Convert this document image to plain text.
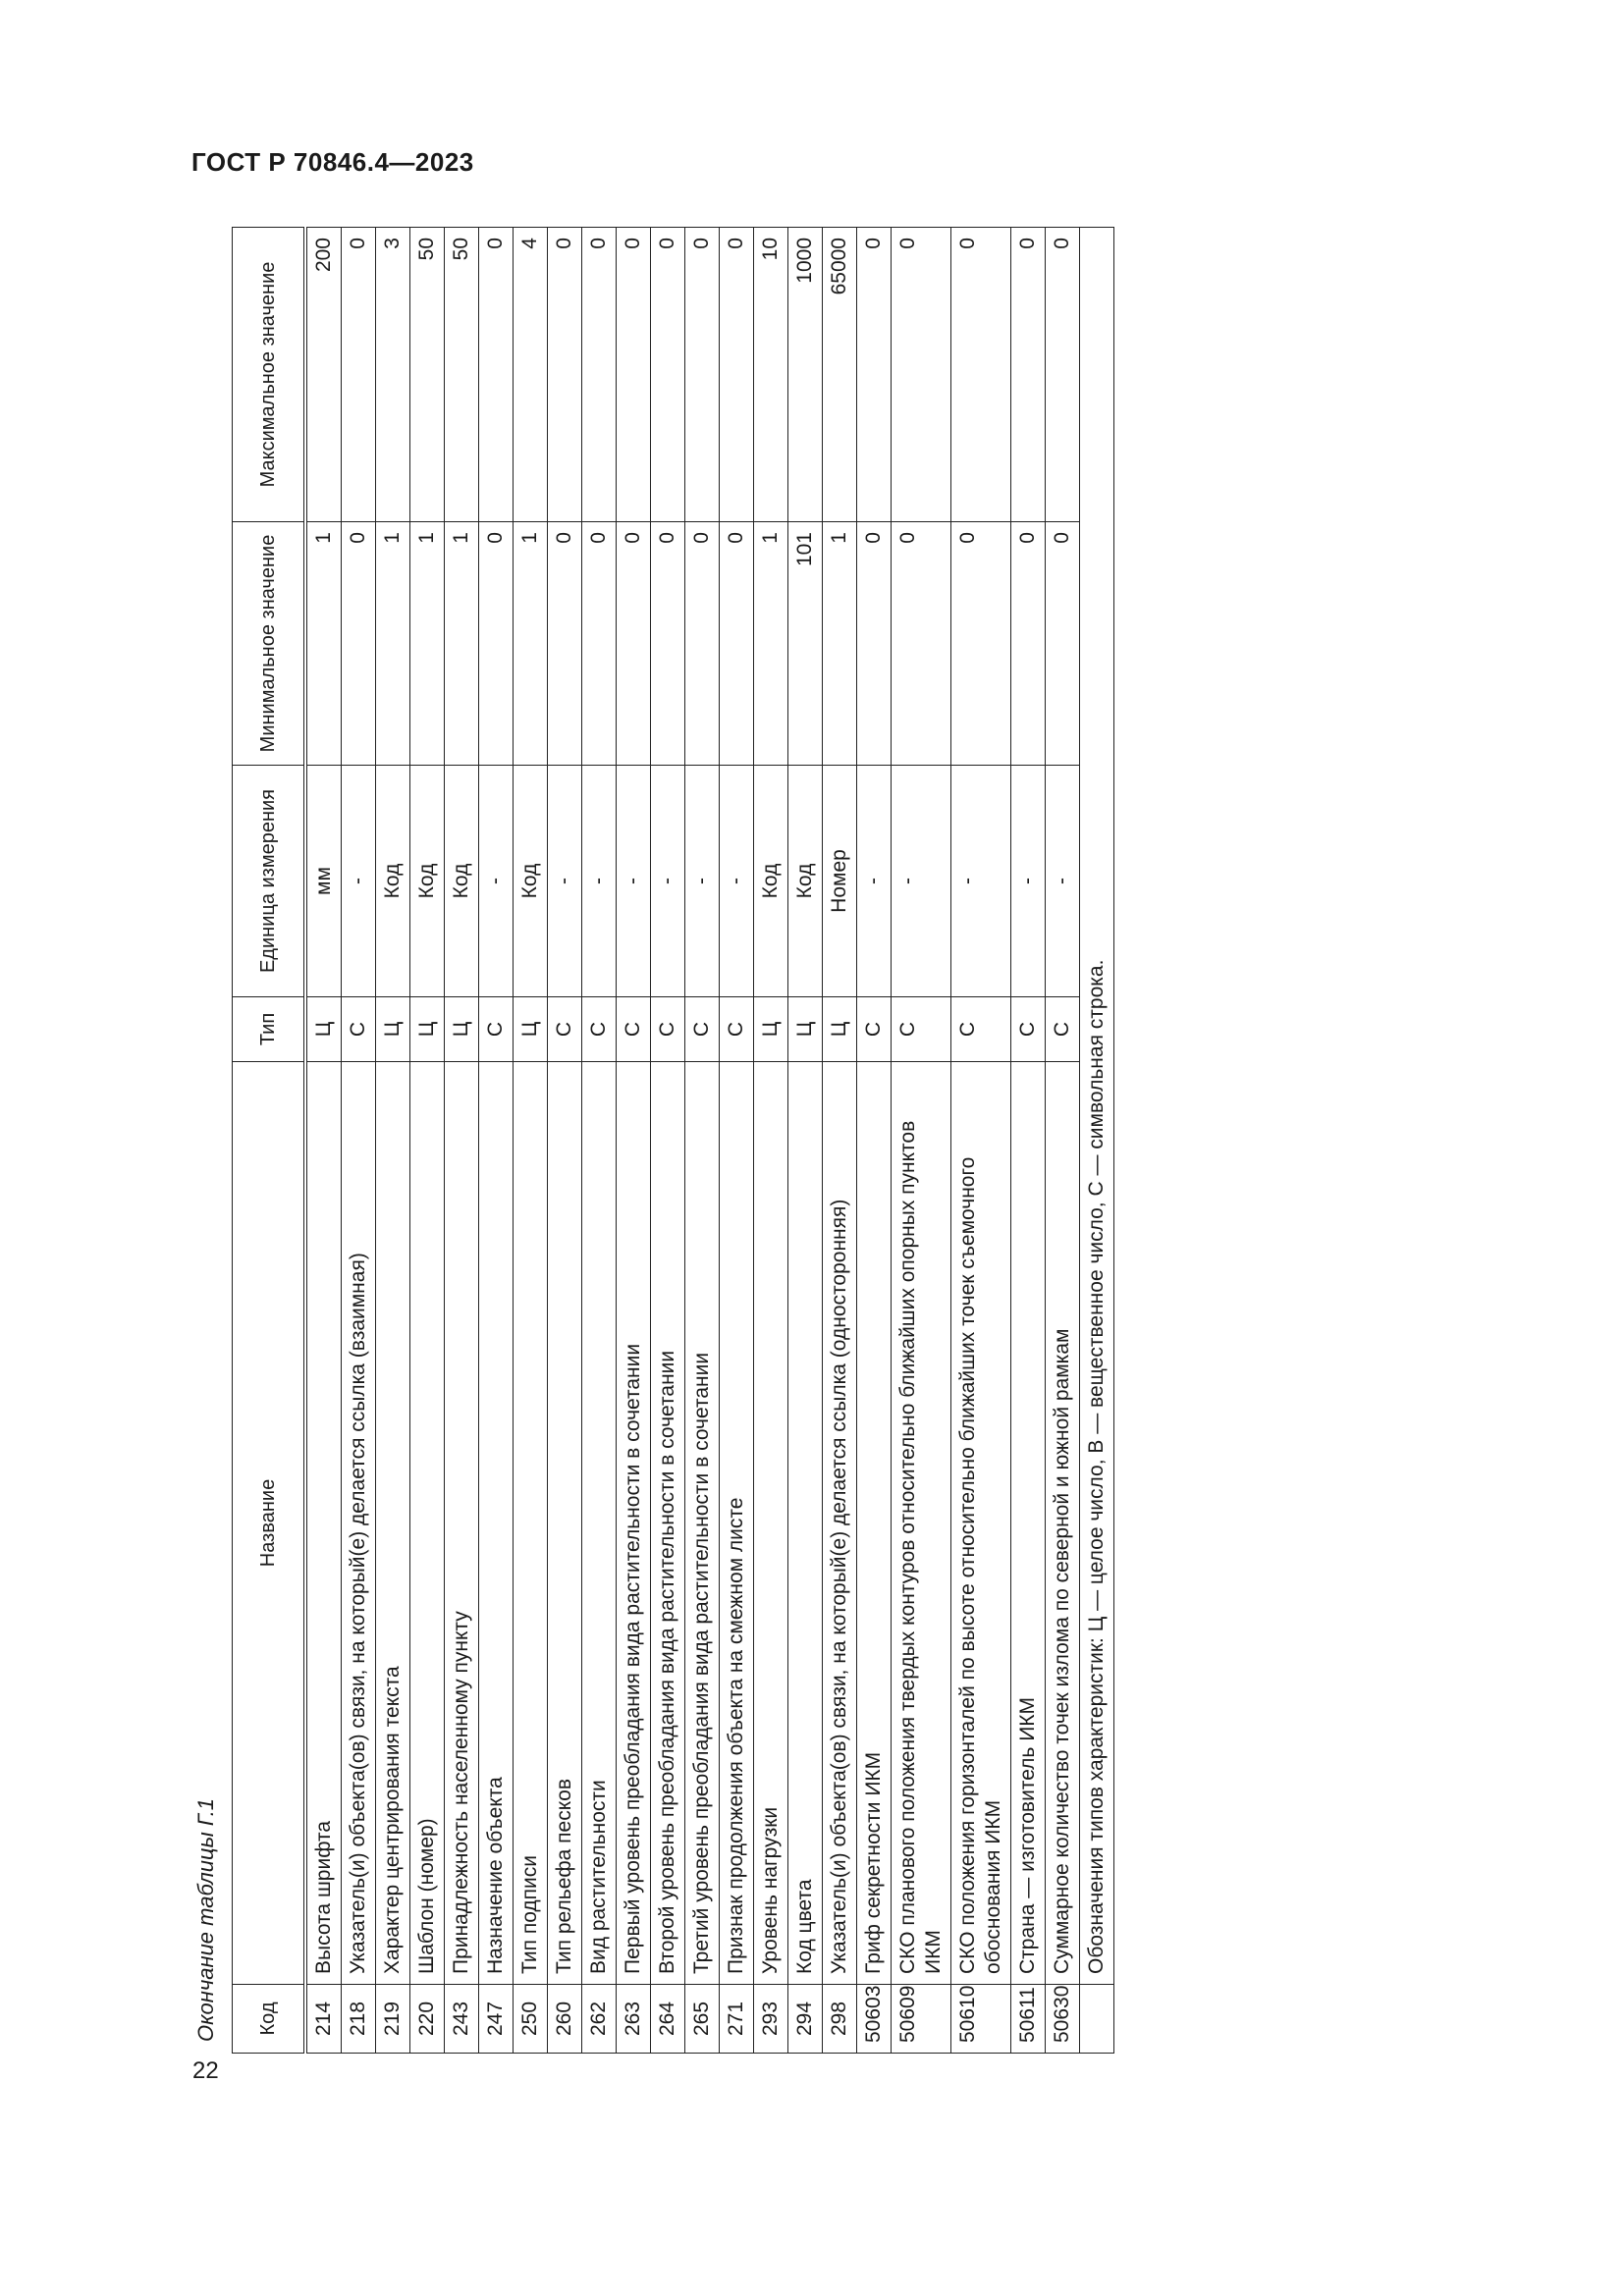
ГОСТ Р 70846.4—2023
22
Окончание таблицы Г.1 Код	Название	Тип	Единица измерения	Минимальное значение	Максимальное значение
214	Высота шрифта	Ц	мм	1	200
218	Указатель(и) объекта(ов) связи, на который(е) делается ссылка (взаимная)	С	-	0	0
219	Характер центрирования текста	Ц	Код	1	3
220	Шаблон (номер)	Ц	Код	1	50
243	Принадлежность населенному пункту	Ц	Код	1	50
247	Назначение объекта	С	-	0	0
250	Тип подписи	Ц	Код	1	4
260	Тип рельефа песков	С	-	0	0
262	Вид растительности	С	-	0	0
263	Первый уровень преобладания вида растительности в сочетании	С	-	0	0
264	Второй уровень преобладания вида растительности в сочетании	С	-	0	0
265	Третий уровень преобладания вида растительности в сочетании	С	-	0	0
271	Признак продолжения объекта на смежном листе	С	-	0	0
293	Уровень нагрузки	Ц	Код	1	10
294	Код цвета	Ц	Код	101	1000
298	Указатель(и) объекта(ов) связи, на который(е) делается ссылка (односторонняя)	Ц	Номер	1	65000
50603	Гриф секретности ИКМ	С	-	0	0
50609	СКО планового положения твердых контуров относительно ближайших опорных пунктов ИКМ	С	-	0	0
50610	СКО положения горизонталей по высоте относительно ближайших точек съемочного обоснования ИКМ	С	-	0	0
50611	Страна — изготовитель ИКМ	С	-	0	0
50630	Суммарное количество точек излома по северной и южной рамкам	С	-	0	0
	Обозначения типов характеристик: Ц — целое число, В — вещественное число, С — символьная строка.				
